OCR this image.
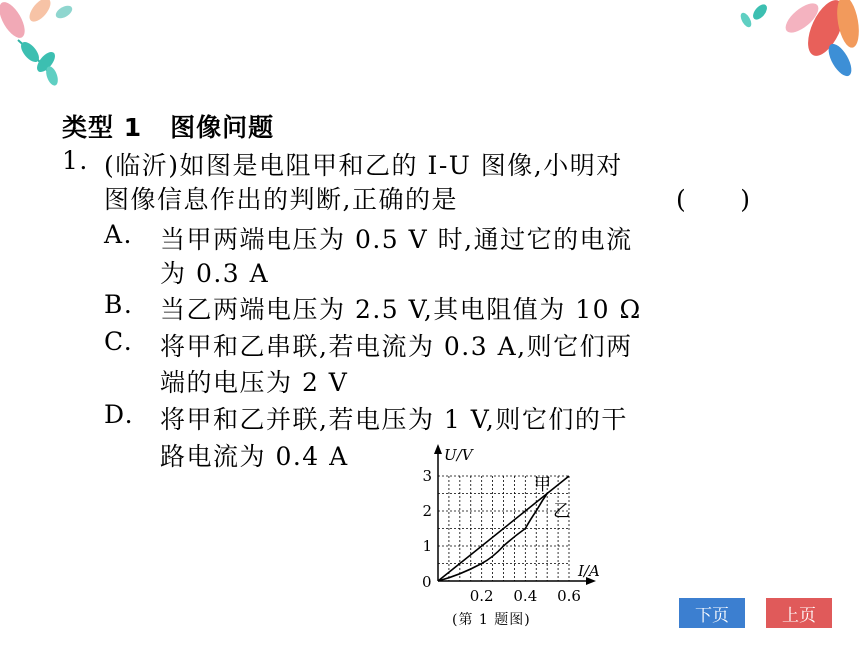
类型 1 图像问题
1. (临沂)如图是电阻甲和乙的 I-U 图像,小明对
图像信息作出的判断,正确的是	(　　)
A. 当甲两端电压为 0.5 V 时,通过它的电流
为 0.3 A
B. 当乙两端电压为 2.5 V,其电阻值为 10 Ω
C. 将甲和乙串联,若电流为 0.3 A,则它们两
端的电压为 2 V
D. 将甲和乙并联,若电压为 1 V,则它们的干
路电流为 0.4 A	U/V
I/A
0
0.2 0.4 0.6
1
2
3	甲
乙
(第 1 题图)	下页	上页
